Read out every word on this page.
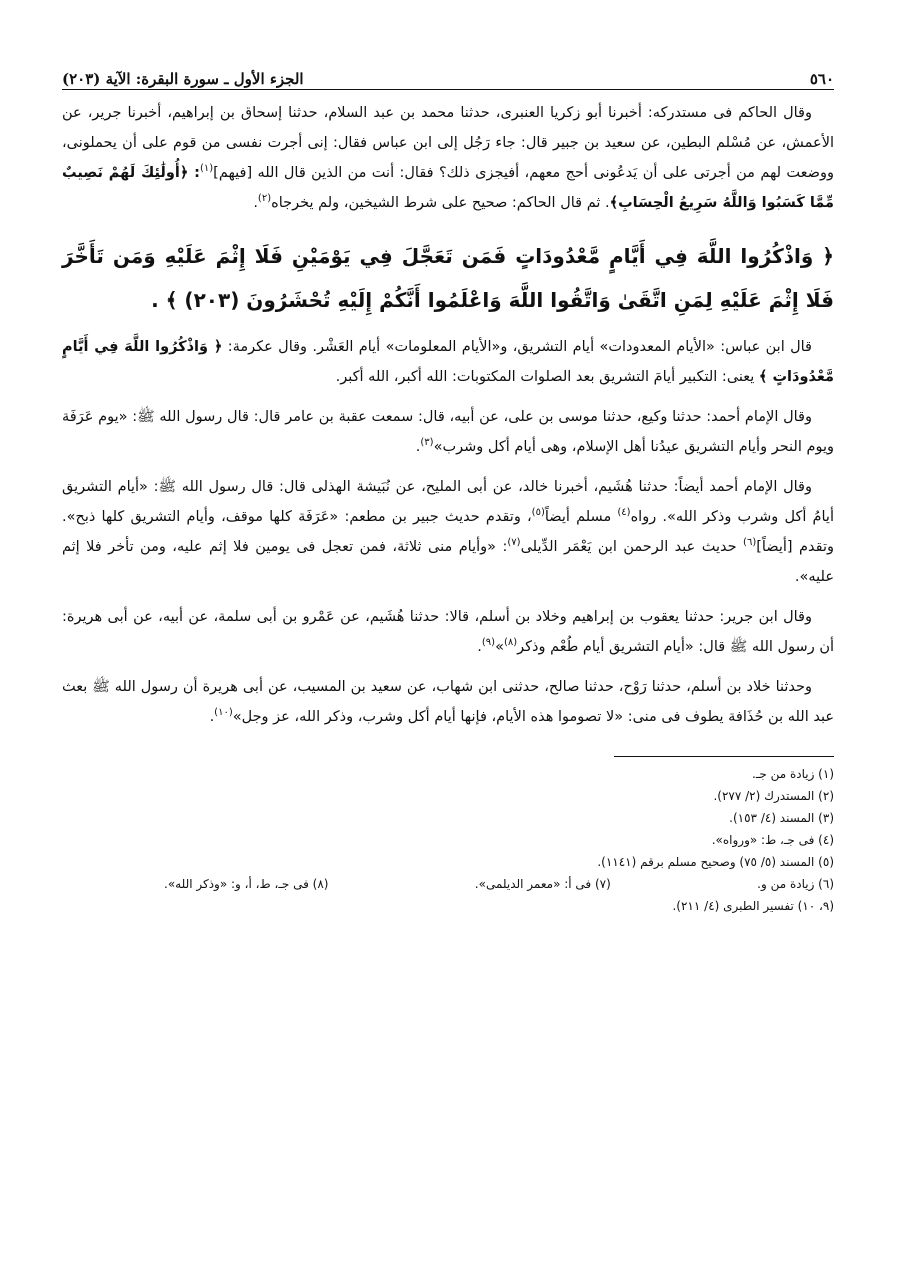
٥٦٠
الجزء الأول ـ سورة البقرة: الآية (٢٠٣)

وقال الحاكم فى مستدركه: أخبرنا أبو زكريا العنبرى، حدثنا محمد بن عبد السلام، حدثنا إسحاق بن إبراهيم، أخبرنا جرير، عن الأعمش، عن مُسْلم البطين، عن سعيد بن جبير قال: جاء رَجُل إلى ابن عباس فقال: إنى أجرت نفسى من قوم على أن يحملونى، ووضعت لهم من أجرتى على أن يَدعُونى أحج معهم، أفيجزى ذلك؟ فقال: أنت من الذين قال الله [فيهم]$^{(١)}$: ﴿أُولَٰئِكَ لَهُمْ نَصِيبٌ مِّمَّا كَسَبُوا وَاللَّهُ سَرِيعُ الْحِسَابِ﴾. ثم قال الحاكم: صحيح على شرط الشيخين، ولم يخرجاه$^{(٢)}$.

﴿ وَاذْكُرُوا اللَّهَ فِي أَيَّامٍ مَّعْدُودَاتٍ فَمَن تَعَجَّلَ فِي يَوْمَيْنِ فَلَا إِثْمَ عَلَيْهِ وَمَن تَأَخَّرَ فَلَا إِثْمَ عَلَيْهِ لِمَنِ اتَّقَىٰ وَاتَّقُوا اللَّهَ وَاعْلَمُوا أَنَّكُمْ إِلَيْهِ تُحْشَرُونَ (٢٠٣) ﴾ .

قال ابن عباس: «الأيام المعدودات» أيام التشريق، و«الأيام المعلومات» أيام العَشْر. وقال عكرمة: ﴿ وَاذْكُرُوا اللَّهَ فِي أَيَّامٍ مَّعْدُودَاتٍ ﴾ يعنى: التكبير أيامَ التشريق بعد الصلوات المكتوبات: الله أكبر، الله أكبر.

وقال الإمام أحمد: حدثنا وكيع، حدثنا موسى بن على، عن أبيه، قال: سمعت عقبة بن عامر قال: قال رسول الله ﷺ: «يوم عَرَفَة ويوم النحر وأيام التشريق عيدُنا أهل الإسلام، وهى أيام أكل وشرب»$^{(٣)}$.

وقال الإمام أحمد أيضاً: حدثنا هُشَيم، أخبرنا خالد، عن أبى المليح، عن نُبَيشة الهذلى قال: قال رسول الله ﷺ: «أيام التشريق أيامُ أكل وشرب وذكر الله». رواه$^{(٤)}$ مسلم أيضاً$^{(٥)}$، وتقدم حديث جبير بن مطعم: «عَرَفَة كلها موقف، وأيام التشريق كلها ذبح». وتقدم [أيضاً]$^{(٦)}$ حديث عبد الرحمن ابن يَعْمَر الدِّيلى$^{(٧)}$: «وأيام منى ثلاثة، فمن تعجل فى يومين فلا إثم عليه، ومن تأخر فلا إثم عليه».

وقال ابن جرير: حدثنا يعقوب بن إبراهيم وخلاد بن أسلم، قالا: حدثنا هُشَيم، عن عَمْرو بن أبى سلمة، عن أبيه، عن أبى هريرة: أن رسول الله ﷺ قال: «أيام التشريق أيام طُعْم وذكر$^{(٨)}$»$^{(٩)}$.

وحدثنا خلاد بن أسلم، حدثنا رَوْح، حدثنا صالح، حدثنى ابن شهاب، عن سعيد بن المسيب، عن أبى هريرة أن رسول الله ﷺ بعث عبد الله بن حُذَافة يطوف فى منى: «لا تصوموا هذه الأيام، فإنها أيام أكل وشرب، وذكر الله، عز وجل»$^{(١٠)}$.

(١) زيادة من جـ.
(٢) المستدرك (٢/ ٢٧٧).
(٣) المسند (٤/ ١٥٣).
(٤) فى جـ، ط: «ورواه».
(٥) المسند (٥/ ٧٥) وصحيح مسلم برقم (١١٤١).
(٦) زيادة من و.
(٧) فى أ: «معمر الديلمى».
(٨) فى جـ، ط، أ، و: «وذكر الله».
(٩، ١٠) تفسير الطبرى (٤/ ٢١١).
